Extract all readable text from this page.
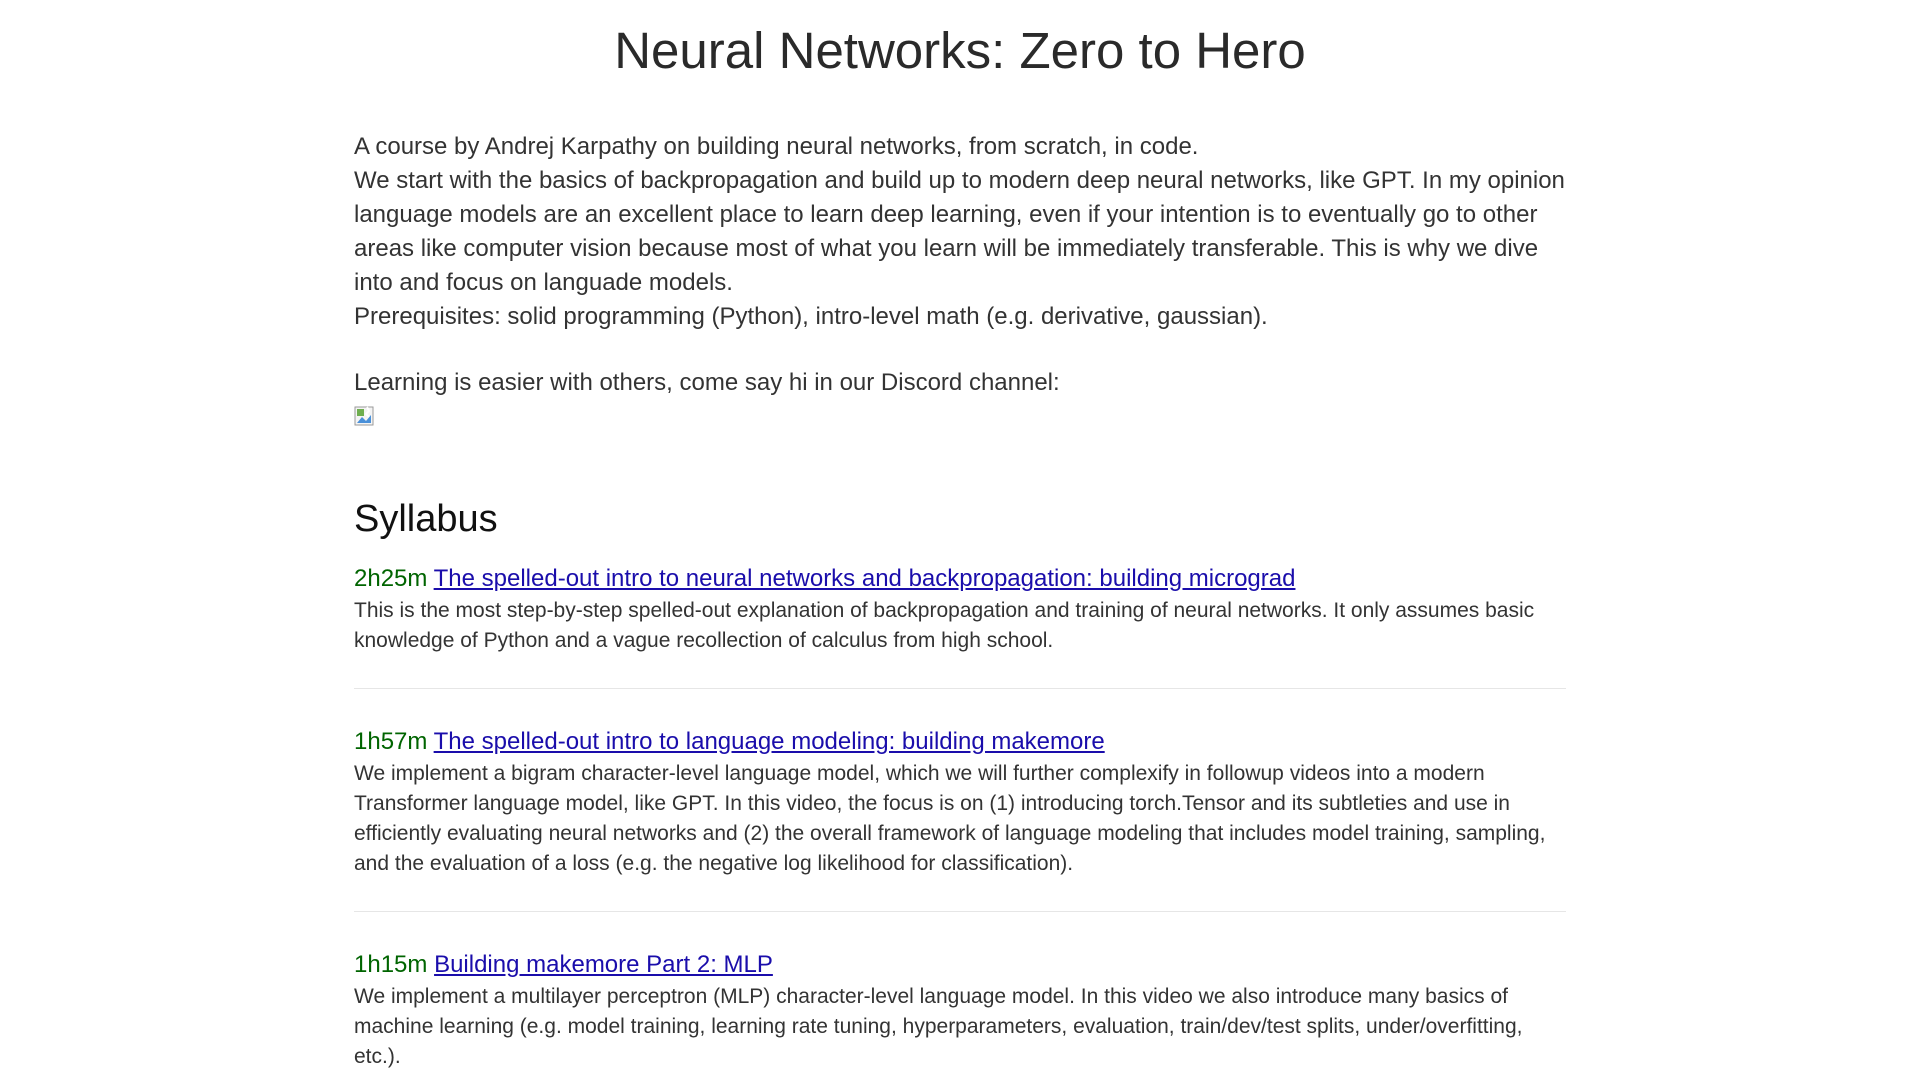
Neural Networks: Zero to Hero

A course by Andrej Karpathy on building neural networks, from scratch, in code.

We start with the basics of backpropagation and build up to modern deep neural networks, like GPT. In my opinion language models are an excellent place to learn deep learning, even if your intention is to eventually go to other areas like computer vision because most of what you learn will be immediately transferable. This is why we dive into and focus on languade models.

Prerequisites: solid programming (Python), intro-level math (e.g. derivative, gaussian).

Learning is easier with others, come say hi in our Discord channel:

Syllabus
2h25m The spelled-out intro to neural networks and backpropagation: building micrograd
This is the most step-by-step spelled-out explanation of backpropagation and training of neural networks. It only assumes basic knowledge of Python and a vague recollection of calculus from high school.
1h57m The spelled-out intro to language modeling: building makemore
We implement a bigram character-level language model, which we will further complexify in followup videos into a modern Transformer language model, like GPT. In this video, the focus is on (1) introducing torch.Tensor and its subtleties and use in efficiently evaluating neural networks and (2) the overall framework of language modeling that includes model training, sampling, and the evaluation of a loss (e.g. the negative log likelihood for classification).
1h15m Building makemore Part 2: MLP
We implement a multilayer perceptron (MLP) character-level language model. In this video we also introduce many basics of machine learning (e.g. model training, learning rate tuning, hyperparameters, evaluation, train/dev/test splits, under/overfitting, etc.).
